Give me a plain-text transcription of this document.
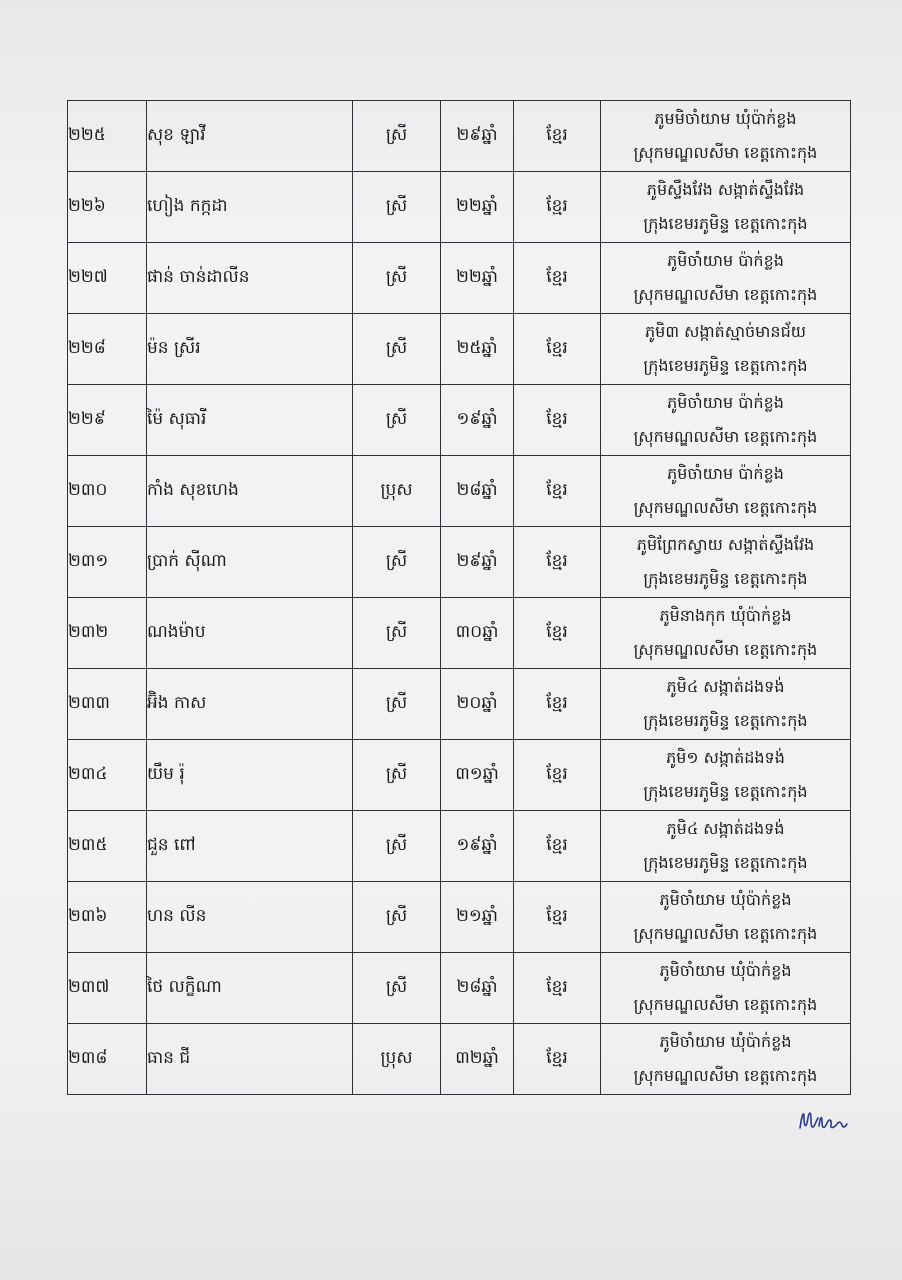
២២៥	សុខ ឡាវី	ស្រី	២៩ឆ្នាំ	ខ្មែរ	ភូមមិចាំយាម ឃុំប៉ាក់ខ្លង
ស្រុកមណ្ឌលសីមា ខេត្តកោះកុង

២២៦	ហៀង កក្កដា	ស្រី	២២ឆ្នាំ	ខ្មែរ	ភូមិស្ទឹងវែង សង្កាត់ស្ទឹងវែង
ក្រុងខេមរភូមិន្ទ ខេត្តកោះកុង

២២៧	ផាន់ ចាន់ដាលីន	ស្រី	២២ឆ្នាំ	ខ្មែរ	ភូមិចាំយាម ប៉ាក់ខ្លង
ស្រុកមណ្ឌលសីមា ខេត្តកោះកុង

២២៨	ម៉ន ស្រីរ	ស្រី	២៥ឆ្នាំ	ខ្មែរ	ភូមិ៣ សង្កាត់ស្មាច់មានជ័យ
ក្រុងខេមរភូមិន្ទ ខេត្តកោះកុង

២២៩	ម៉ៃ សុធារី	ស្រី	១៩ឆ្នាំ	ខ្មែរ	ភូមិចាំយាម ប៉ាក់ខ្លង
ស្រុកមណ្ឌលសីមា ខេត្តកោះកុង

២៣០	កាំង សុខហេង	ប្រុស	២៨ឆ្នាំ	ខ្មែរ	ភូមិចាំយាម ប៉ាក់ខ្លង
ស្រុកមណ្ឌលសីមា ខេត្តកោះកុង

២៣១	ប្រាក់ ស៊ីណា	ស្រី	២៩ឆ្នាំ	ខ្មែរ	ភូមិព្រែកស្វាយ សង្កាត់ស្ទឹងវែង
ក្រុងខេមរភូមិន្ទ ខេត្តកោះកុង

២៣២	ណងម៉ាប	ស្រី	៣០ឆ្នាំ	ខ្មែរ	ភូមិនាងកុក ឃុំប៉ាក់ខ្លង
ស្រុកមណ្ឌលសីមា ខេត្តកោះកុង

២៣៣	អ៊ិង កាស	ស្រី	២០ឆ្នាំ	ខ្មែរ	ភូមិ៤ សង្កាត់ដងទង់
ក្រុងខេមរភូមិន្ទ ខេត្តកោះកុង

២៣៤	យឹម រ៉ុ	ស្រី	៣១ឆ្នាំ	ខ្មែរ	ភូមិ១ សង្កាត់ដងទង់
ក្រុងខេមរភូមិន្ទ ខេត្តកោះកុង

២៣៥	ជួន ពៅ	ស្រី	១៩ឆ្នាំ	ខ្មែរ	ភូមិ៤ សង្កាត់ដងទង់
ក្រុងខេមរភូមិន្ទ ខេត្តកោះកុង

២៣៦	ហន លីន	ស្រី	២១ឆ្នាំ	ខ្មែរ	ភូមិចាំយាម ឃុំប៉ាក់ខ្លង
ស្រុកមណ្ឌលសីមា ខេត្តកោះកុង

២៣៧	ថៃ លក្ខិណា	ស្រី	២៨ឆ្នាំ	ខ្មែរ	ភូមិចាំយាម ឃុំប៉ាក់ខ្លង
ស្រុកមណ្ឌលសីមា ខេត្តកោះកុង

២៣៨	ធាន ជី	ប្រុស	៣២ឆ្នាំ	ខ្មែរ	ភូមិចាំយាម ឃុំប៉ាក់ខ្លង
ស្រុកមណ្ឌលសីមា ខេត្តកោះកុង
